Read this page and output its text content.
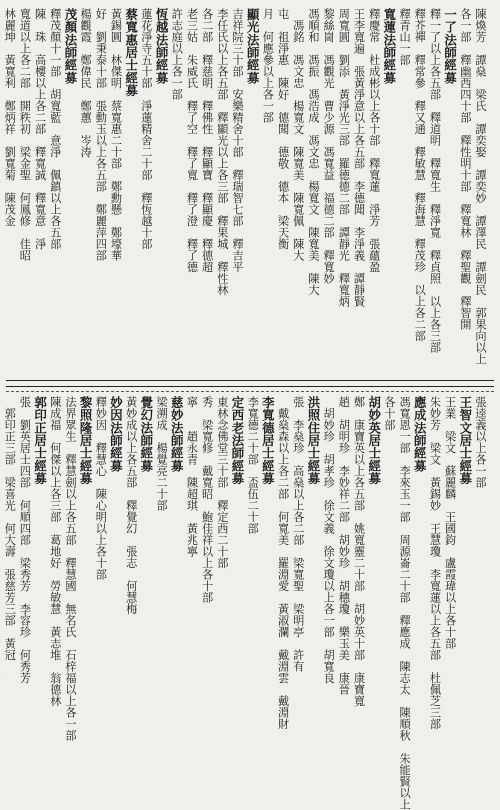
陳煥芳　譚燊　梁氏　譚奕娶　譚奕妙　譚澤民　譚劍民　郭果向以上
各一部　釋幽西四十部　釋性明十部　釋寬林　釋聖觀　釋智開
一了法師經募
釋一了以上各五部　釋道明　釋寬生　釋淨寬　釋貞照　以上各三部
釋芥禪　釋常參　釋又通　釋敏慧　釋海慧　釋茂珍　以上各二部
釋青山一部
寬蓮法師經募
釋慶常　杜成彬以上各十部　釋寬蓮　淨芳　張蘊盈
王李寬遍　張黃淨意以上各五部　李德聞　李淨義　譚靜賢
周寬圓　劉添　黃淨光三部　羅德德二部　譚靜光　釋寬炳
黎絲崗　馮觀光　曹少源　馮寬益　福德二部　釋寬妙
馮順和　馮振　馮浩成　馮文忠　楊寬文　陳寬美　陳大
　馮銘　馮文忠　楊寬文　陳寬美　陳寬佩　陳大
屯　祖淨惠　陳好　德聞　德敬　德本　梁天衡
月　何應參以上各一部
顯光法師經募
吉祥院三十部　安樂精舍十部　釋瑞智七部　釋吉平
李任氏以上各五部　釋顯光以上各三部　釋果城　釋性林
各二部　釋慈明　釋佛性　釋顯寶　釋顯慶　釋德超
老三姑　朱威氏　釋了空　釋了寬　釋了澄　釋了德
許志庭以上各一部
恆越法師經募
蓮花淨寺五十部　淨蓮精舍二十部　釋恆越十部
蔡寬惠居士經募
黃錫圓　林傑明　蔡寬惠二十部　鄭勳懸　鄭壕華
好　劉秉泰十部　張動玉以上各五部　鄭麗萍四部
楊觀霞　鄭偉民　鄭蕙　岑涛
茂顏法師經募
釋茂顏十一部　胡寬藍　意淨　佩鎮以上各五部
陳　珠　高樓以上各二部　釋寬誠　釋寬意　淨
寬道以上各二部　開秩初　梁金聖　何鳳修　佳昭
林麗坤　黃寬利　鄭炳祥　劉寬菊　陳茂金
張逵義以上各一部
王智文居士經募
王業　梁文　蘇麗麟　王國鈞　盧霞瑋以上各十部
朱妙芳　梁文　黃錫妙　王慧瓊　李寬蓮以上各五部　杜佩芝三部
應成法師經募
馮寬恩一部　李來玉一部　周源崙二十部　釋應成　陳志太　陳順秋　朱能賢以上
各十部
胡妙英居士經募
鄭　康寶英以上各五部　姚寬靈二十部　胡妙英十部　康寶寬
趙　胡明珍　李妙祥二部　胡妙珍　胡穗瓊　樂玉美　康晉
　胡妙珍　胡孝珍　徐文義　徐文瓊以上各一部　胡寬良
洪照住居士經募
張　李燊珍　高燊以上各二部　梁寬聖　梁明亭　許有
　戴燊森以上各二部　何寬美　羅淵愛　黃淑瀾　戴淵雲　戴淵財
李寬德居士經募
李寬德二十部　盃伍二十部
定西老法師經募
東林念佛堂三十部　釋定西二十部
秀　梁寬修　戴寬昭　鮑佳祥以上各十部
寧　　趙永青　陳超琪　黃兆寧
慈妙法師經募
梁溯成　楊覺亮二十部
覺幻法師經募
黃妙成以上各五部　釋覺幻　張志　何慧梅
妙因法師經募
釋妙因　釋慧心　陳心明以上各十部
黎照隆居士經募
法界眾生　釋慧劍以上各五部　釋慧國　無名氏　石梓福以上各一部
陳成福　何傑以上各三部　葛地好　勞敏慧　黃志堆　翁德林
郭印正居士經募
張　劉英居士四部　何順四部　梁秀芳　李容珍　何秀芳
　郭印正三部　梁喜光　何大壽　張慈芳三部　黃冠
